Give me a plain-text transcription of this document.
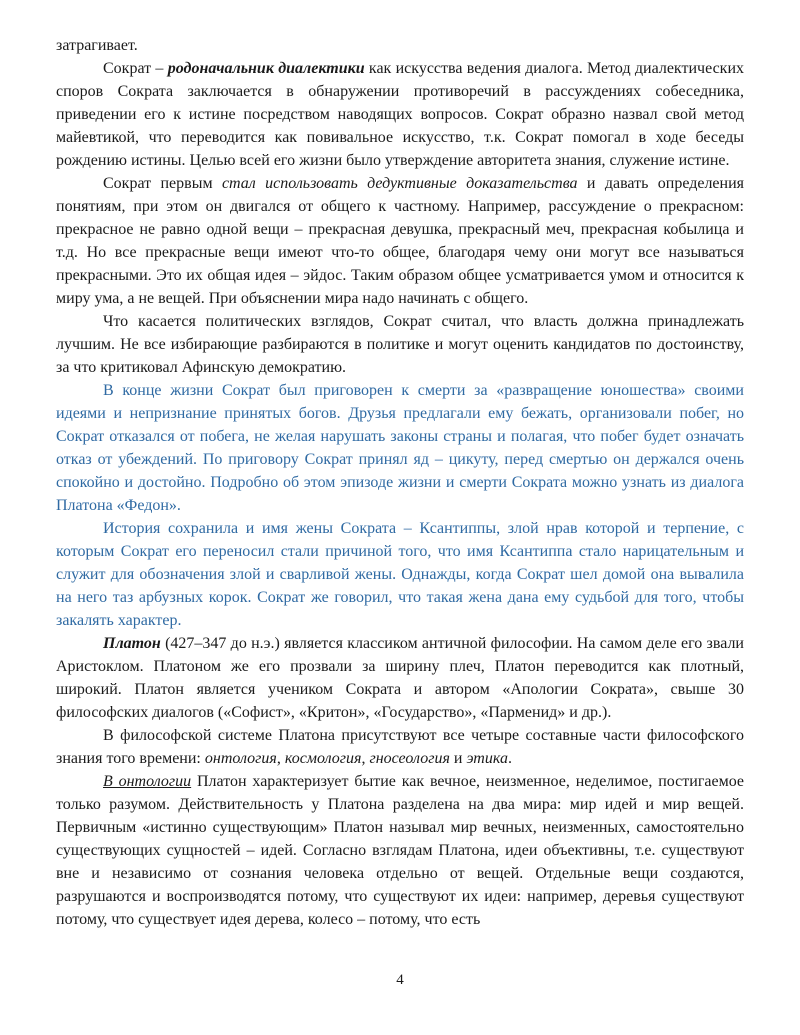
затрагивает.

Сократ – родоначальник диалектики как искусства ведения диалога. Метод диалектических споров Сократа заключается в обнаружении противоречий в рассуждениях собеседника, приведении его к истине посредством наводящих вопросов. Сократ образно назвал свой метод майевтикой, что переводится как повивальное искусство, т.к. Сократ помогал в ходе беседы рождению истины. Целью всей его жизни было утверждение авторитета знания, служение истине.

Сократ первым стал использовать дедуктивные доказательства и давать определения понятиям, при этом он двигался от общего к частному. Например, рассуждение о прекрасном: прекрасное не равно одной вещи – прекрасная девушка, прекрасный меч, прекрасная кобылица и т.д. Но все прекрасные вещи имеют что-то общее, благодаря чему они могут все называться прекрасными. Это их общая идея – эйдос. Таким образом общее усматривается умом и относится к миру ума, а не вещей. При объяснении мира надо начинать с общего.

Что касается политических взглядов, Сократ считал, что власть должна принадлежать лучшим. Не все избирающие разбираются в политике и могут оценить кандидатов по достоинству, за что критиковал Афинскую демократию.

В конце жизни Сократ был приговорен к смерти за «развращение юношества» своими идеями и непризнание принятых богов. Друзья предлагали ему бежать, организовали побег, но Сократ отказался от побега, не желая нарушать законы страны и полагая, что побег будет означать отказ от убеждений. По приговору Сократ принял яд – цикуту, перед смертью он держался очень спокойно и достойно. Подробно об этом эпизоде жизни и смерти Сократа можно узнать из диалога Платона «Федон».

История сохранила и имя жены Сократа – Ксантиппы, злой нрав которой и терпение, с которым Сократ его переносил стали причиной того, что имя Ксантиппа стало нарицательным и служит для обозначения злой и сварливой жены. Однажды, когда Сократ шел домой она вывалила на него таз арбузных корок. Сократ же говорил, что такая жена дана ему судьбой для того, чтобы закалять характер.

Платон (427–347 до н.э.) является классиком античной философии. На самом деле его звали Аристоклом. Платоном же его прозвали за ширину плеч, Платон переводится как плотный, широкий. Платон является учеником Сократа и автором «Апологии Сократа», свыше 30 философских диалогов («Софист», «Критон», «Государство», «Парменид» и др.).

В философской системе Платона присутствуют все четыре составные части философского знания того времени: онтология, космология, гносеология и этика.

В онтологии Платон характеризует бытие как вечное, неизменное, неделимое, постигаемое только разумом. Действительность у Платона разделена на два мира: мир идей и мир вещей. Первичным «истинно существующим» Платон называл мир вечных, неизменных, самостоятельно существующих сущностей – идей. Согласно взглядам Платона, идеи объективны, т.е. существуют вне и независимо от сознания человека отдельно от вещей. Отдельные вещи создаются, разрушаются и воспроизводятся потому, что существуют их идеи: например, деревья существуют потому, что существует идея дерева, колесо – потому, что есть

4
